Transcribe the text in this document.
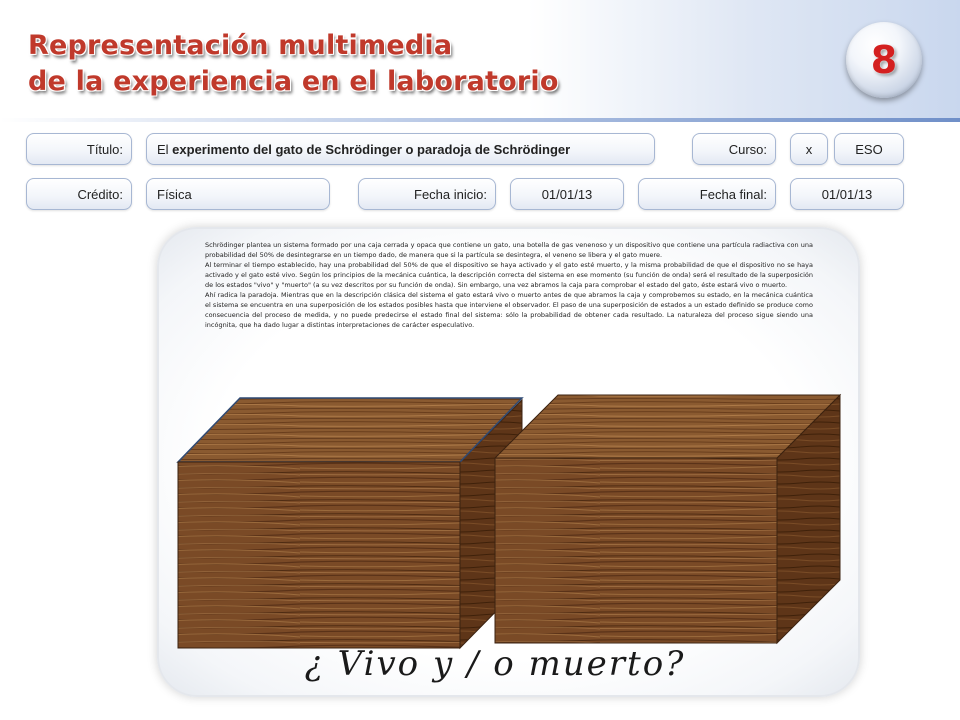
Representación multimedia
de la experiencia en el laboratorio	8
Título:	El experimento del gato de Schrödinger o paradoja de Schrödinger	Curso:	x	ESO
Crédito:	Física	Fecha inicio:	01/01/13	Fecha final:	01/01/13

Schrödinger plantea un sistema formado por una caja cerrada y opaca que contiene un gato, una botella de gas venenoso y un dispositivo que contiene una partícula radiactiva con una probabilidad del 50% de desintegrarse en un tiempo dado, de manera que si la partícula se desintegra, el veneno se libera y el gato muere.

Al terminar el tiempo establecido, hay una probabilidad del 50% de que el dispositivo se haya activado y el gato esté muerto, y la misma probabilidad de que el dispositivo no se haya activado y el gato esté vivo. Según los principios de la mecánica cuántica, la descripción correcta del sistema en ese momento (su función de onda) será el resultado de la superposición de los estados "vivo" y "muerto" (a su vez descritos por su función de onda). Sin embargo, una vez abramos la caja para comprobar el estado del gato, éste estará vivo o muerto.

Ahí radica la paradoja. Mientras que en la descripción clásica del sistema el gato estará vivo o muerto antes de que abramos la caja y comprobemos su estado, en la mecánica cuántica el sistema se encuentra en una superposición de los estados posibles hasta que interviene el observador. El paso de una superposición de estados a un estado definido se produce como consecuencia del proceso de medida, y no puede predecirse el estado final del sistema: sólo la probabilidad de obtener cada resultado. La naturaleza del proceso sigue siendo una incógnita, que ha dado lugar a distintas interpretaciones de carácter especulativo.

¿ Vivo y / o muerto?
